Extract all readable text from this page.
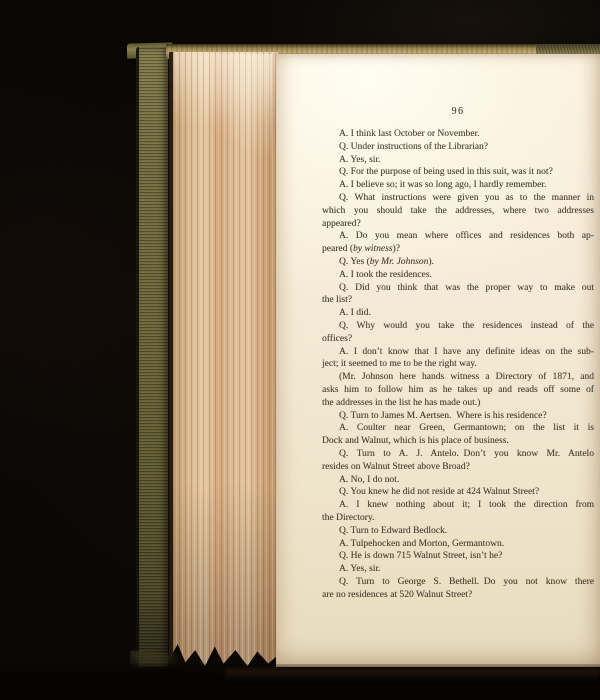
96
A. I think last October or November.
Q. Under instructions of the Librarian?
A. Yes, sir.
Q. For the purpose of being used in this suit, was it not?
A. I believe so; it was so long ago, I hardly remember.
Q. What instructions were given you as to the manner in
which you should take the addresses, where two addresses
appeared?
A. Do you mean where offices and residences both ap-
peared (by witness)?
Q. Yes (by Mr. Johnson).
A. I took the residences.
Q. Did you think that was the proper way to make out
the list?
A. I did.
Q. Why would you take the residences instead of the
offices?
A. I don’t know that I have any definite ideas on the sub-
ject; it seemed to me to be the right way.
(Mr. Johnson here hands witness a Directory of 1871, and
asks him to follow him as he takes up and reads off some of
the addresses in the list he has made out.)
Q. Turn to James M. Aertsen. Where is his residence?
A. Coulter near Green, Germantown; on the list it is
Dock and Walnut, which is his place of business.
Q. Turn to A. J. Antelo. Don’t you know Mr. Antelo
resides on Walnut Street above Broad?
A. No, I do not.
Q. You knew he did not reside at 424 Walnut Street?
A. I knew nothing about it; I took the direction from
the Directory.
Q. Turn to Edward Bedlock.
A. Tulpehocken and Morton, Germantown.
Q. He is down 715 Walnut Street, isn’t he?
A. Yes, sir.
Q. Turn to George S. Bethell. Do you not know there
are no residences at 520 Walnut Street?
